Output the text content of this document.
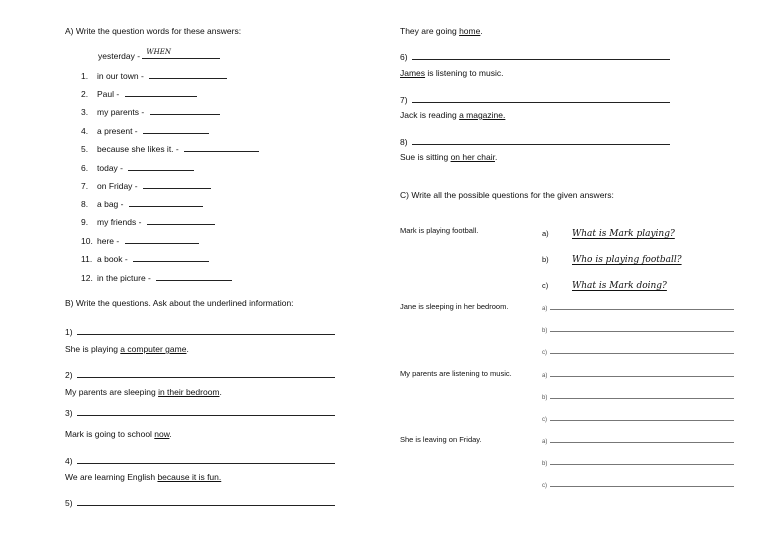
A) Write the question words for these answers:
yesterday - WHEN
1. in our town -
2. Paul -
3. my parents -
4. a present -
5. because she likes it. -
6. today -
7. on Friday -
8. a bag -
9. my friends -
10. here -
11. a book -
12. in the picture -
B) Write the questions. Ask about the underlined information:
1)
She is playing a computer game.
2)
My parents are sleeping in their bedroom.
3)
Mark is going to school now.
4)
We are learning English because it is fun.
5)
They are going home.
6)
James is listening to music.
7)
Jack is reading a magazine.
8)
Sue is sitting on her chair.
C) Write all the possible questions for the given answers:
Mark is playing football.	a)	What is Mark playing?
b)	Who is playing football?
c)	What is Mark doing?
Jane is sleeping in her bedroom.	a)
b)
c)
My parents are listening to music.	a)
b)
c)
She is leaving on Friday.	a)
b)
c)
